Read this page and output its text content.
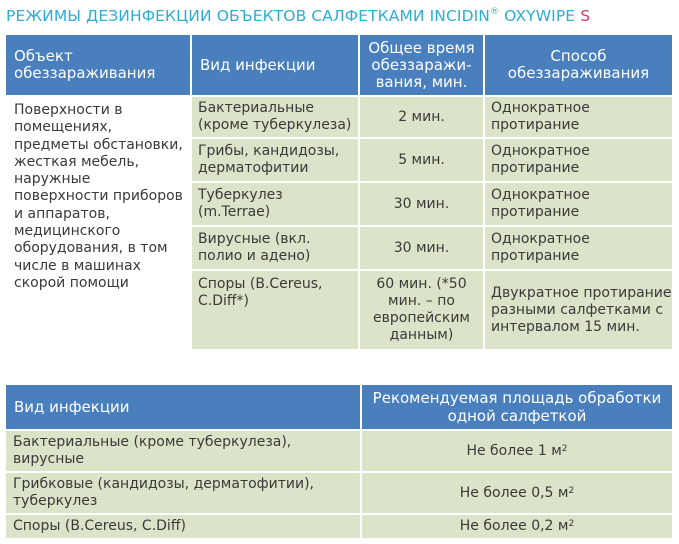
РЕЖИМЫ ДЕЗИНФЕКЦИИ ОБЪЕКТОВ САЛФЕТКАМИ INCIDIN® OXYWIPE S
Объект обеззараживания	Вид инфекции	Общее время обеззаражи-вания, мин.	Способ обеззараживания
Поверхности в помещениях, предметы обстановки, жесткая мебель, наружные поверхности приборов и аппаратов, медицинского оборудования, в том числе в машинах скорой помощи	Бактериальные (кроме туберкулеза)	2 мин.	Однократное протирание
	Грибы, кандидозы, дерматофитии	5 мин.	Однократное протирание
	Туберкулез (m.Terrae)	30 мин.	Однократное протирание
	Вирусные (вкл. полио и адено)	30 мин.	Однократное протирание
	Споры (B.Cereus, C.Diff*)	60 мин. (*50 мин. – по европейским данным)	Двукратное протирание разными салфетками с интервалом 15 мин.
Вид инфекции	Рекомендуемая площадь обработки одной салфеткой
Бактериальные (кроме туберкулеза), вирусные	Не более 1 $м^2$
Грибковые (кандидозы, дерматофитии), туберкулез	Не более 0,5 $м^2$
Споры (B.Cereus, C.Diff)	Не более 0,2 $м^2$
